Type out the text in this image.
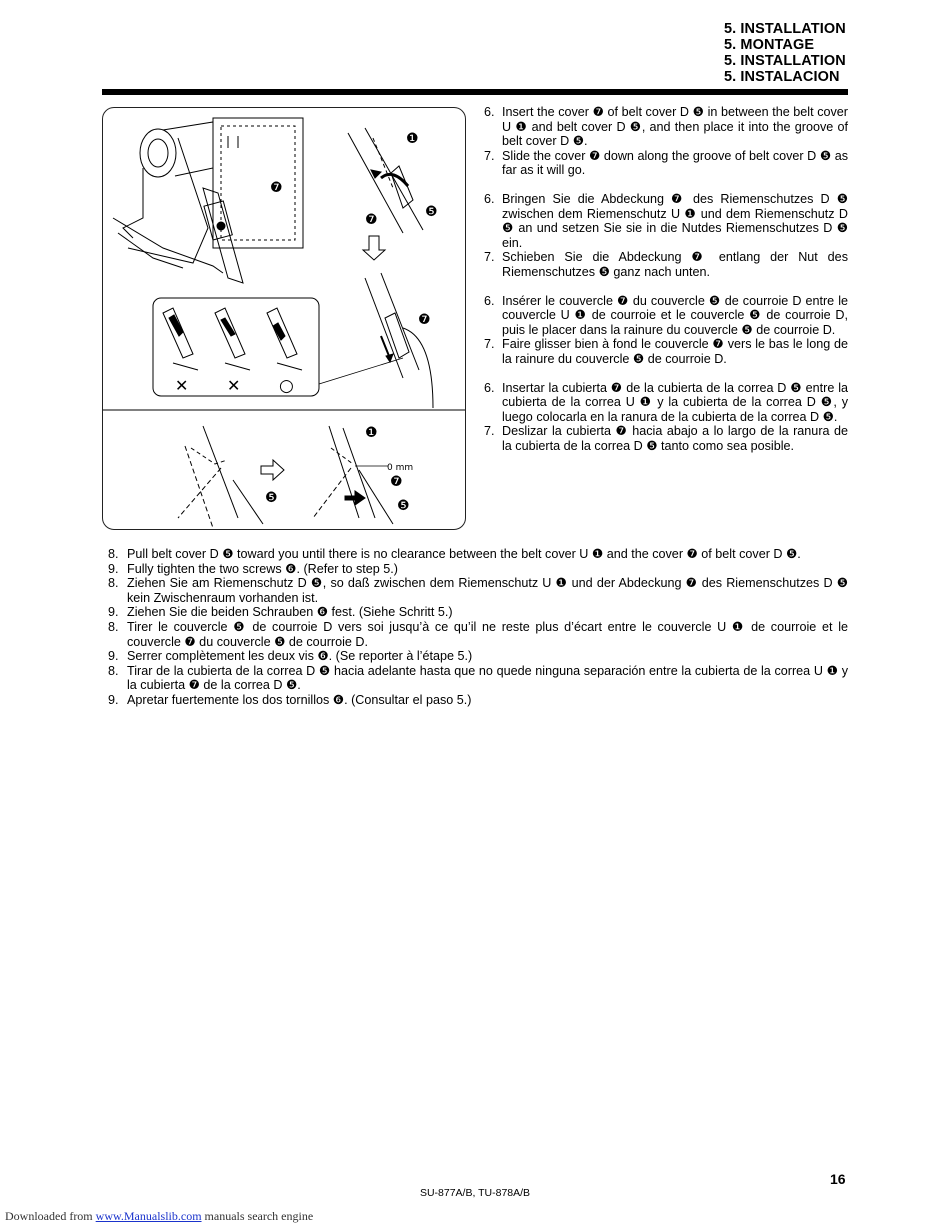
5. INSTALLATION
5. MONTAGE
5. INSTALLATION
5. INSTALACION
❼
❶
❺
❼
❼
✕ ✕ ○
❺
❶
0 mm
❼
❺
6. Insert the cover ❼ of belt cover D ❺ in between the belt cover U ❶ and belt cover D ❺, and then place it into the groove of belt cover D ❺.
7. Slide the cover ❼ down along the groove of belt cover D ❺ as far as it will go.
6. Bringen Sie die Abdeckung ❼ des Riemenschutzes D ❺ zwischen dem Riemenschutz U ❶ und dem Riemenschutz D ❺ an und setzen Sie sie in die Nutdes Riemenschutzes D ❺ ein.
7. Schieben Sie die Abdeckung ❼ entlang der Nut des Riemenschutzes ❺ ganz nach unten.
6. Insérer le couvercle ❼ du couvercle ❺ de courroie D entre le couvercle U ❶ de courroie et le couvercle ❺ de courroie D, puis le placer dans la rainure du couvercle ❺ de courroie D.
7. Faire glisser bien à fond le couvercle ❼ vers le bas le long de la rainure du couvercle ❺ de courroie D.
6. Insertar la cubierta ❼ de la cubierta de la correa D ❺ entre la cubierta de la correa U ❶ y la cubierta de la correa D ❺, y luego colocarla en la ranura de la cubierta de la correa D ❺.
7. Deslizar la cubierta ❼ hacia abajo a lo largo de la ranura de la cubierta de la correa D ❺ tanto como sea posible.
8. Pull belt cover D ❺ toward you until there is no clearance between the belt cover U ❶ and the cover ❼ of belt cover D ❺.
9. Fully tighten the two screws ❻. (Refer to step 5.)
8. Ziehen Sie am Riemenschutz D ❺, so daß zwischen dem Riemenschutz U ❶ und der Abdeckung ❼ des Riemenschutzes D ❺ kein Zwischenraum vorhanden ist.
9. Ziehen Sie die beiden Schrauben ❻ fest. (Siehe Schritt 5.)
8. Tirer le couvercle ❺ de courroie D vers soi jusqu’à ce qu’il ne reste plus d’écart entre le couvercle U ❶ de courroie et le couvercle ❼ du couvercle ❺ de courroie D.
9. Serrer complètement les deux vis ❻. (Se reporter à l’étape 5.)
8. Tirar de la cubierta de la correa D ❺ hacia adelante hasta que no quede ninguna separación entre la cubierta de la correa U ❶ y la cubierta ❼ de la correa D ❺.
9. Apretar fuertemente los dos tornillos ❻. (Consultar el paso 5.)
16
SU-877A/B, TU-878A/B
Downloaded from www.Manualslib.com manuals search engine
